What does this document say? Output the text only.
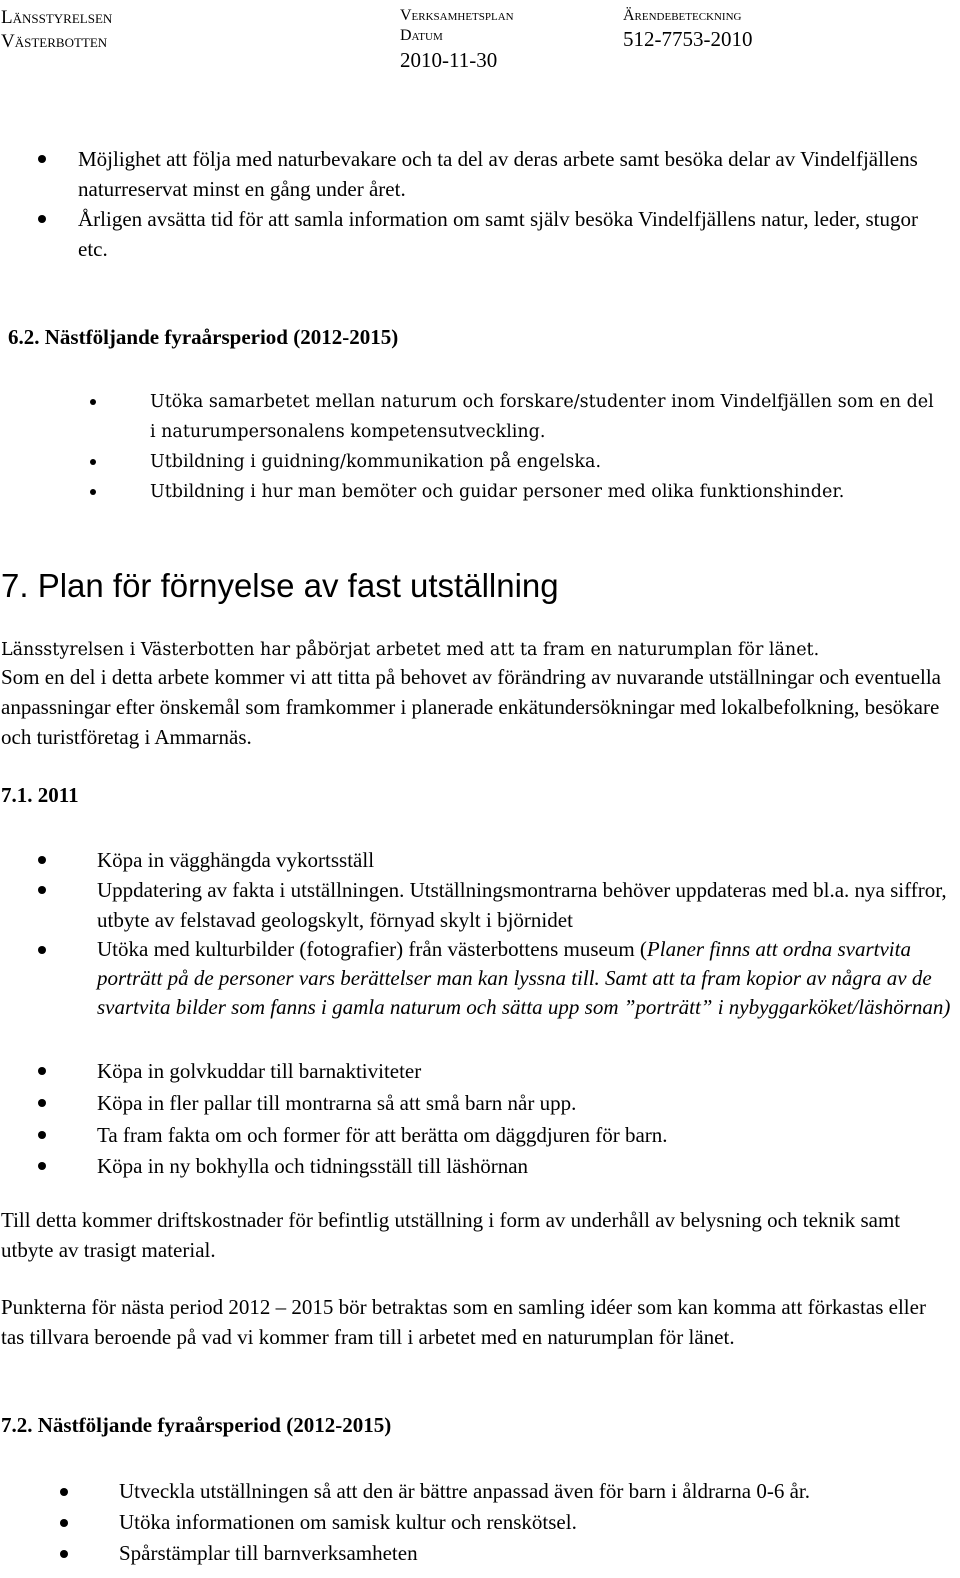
Länsstyrelsen
Västerbotten
Verksamhetsplan
Datum
2010-11-30
Ärendebeteckning
512-7753-2010
Möjlighet att följa med naturbevakare och ta del av deras arbete samt besöka delar av Vindelfjällens naturreservat minst en gång under året.
Årligen avsätta tid för att samla information om samt själv besöka Vindelfjällens natur, leder, stugor etc.
6.2. Nästföljande fyraårsperiod (2012-2015)
Utöka samarbetet mellan naturum och forskare/studenter inom Vindelfjällen som en del i naturumpersonalens kompetensutveckling.
Utbildning i guidning/kommunikation på engelska.
Utbildning i hur man bemöter och guidar personer med olika funktionshinder.
7. Plan för förnyelse av fast utställning
Länsstyrelsen i Västerbotten har påbörjat arbetet med att ta fram en naturumplan för länet.

Som en del i detta arbete kommer vi att titta på behovet av förändring av nuvarande utställningar och eventuella anpassningar efter önskemål som framkommer i planerade enkätundersökningar med lokalbefolkning, besökare och turistföretag i Ammarnäs.

7.1. 2011
Köpa in vägghängda vykortsställ
Uppdatering av fakta i utställningen. Utställningsmontrarna behöver uppdateras med bl.a. nya siffror, utbyte av felstavad geologskylt, förnyad skylt i björnidet
Utöka med kulturbilder (fotografier) från västerbottens museum (Planer finns att ordna svartvita porträtt på de personer vars berättelser man kan lyssna till. Samt att ta fram kopior av några av de svartvita bilder som fanns i gamla naturum och sätta upp som ”porträtt” i nybyggarköket/läshörnan)
Köpa in golvkuddar till barnaktiviteter
Köpa in fler pallar till montrarna så att små barn når upp.
Ta fram fakta om och former för att berätta om däggdjuren för barn.
Köpa in ny bokhylla och tidningsställ till läshörnan

Till detta kommer driftskostnader för befintlig utställning i form av underhåll av belysning och teknik samt utbyte av trasigt material.

Punkterna för nästa period 2012 – 2015 bör betraktas som en samling idéer som kan komma att förkastas eller tas tillvara beroende på vad vi kommer fram till i arbetet med en naturumplan för länet.

7.2. Nästföljande fyraårsperiod (2012-2015)
Utveckla utställningen så att den är bättre anpassad även för barn i åldrarna 0-6 år.
Utöka informationen om samisk kultur och renskötsel.
Spårstämplar till barnverksamheten
